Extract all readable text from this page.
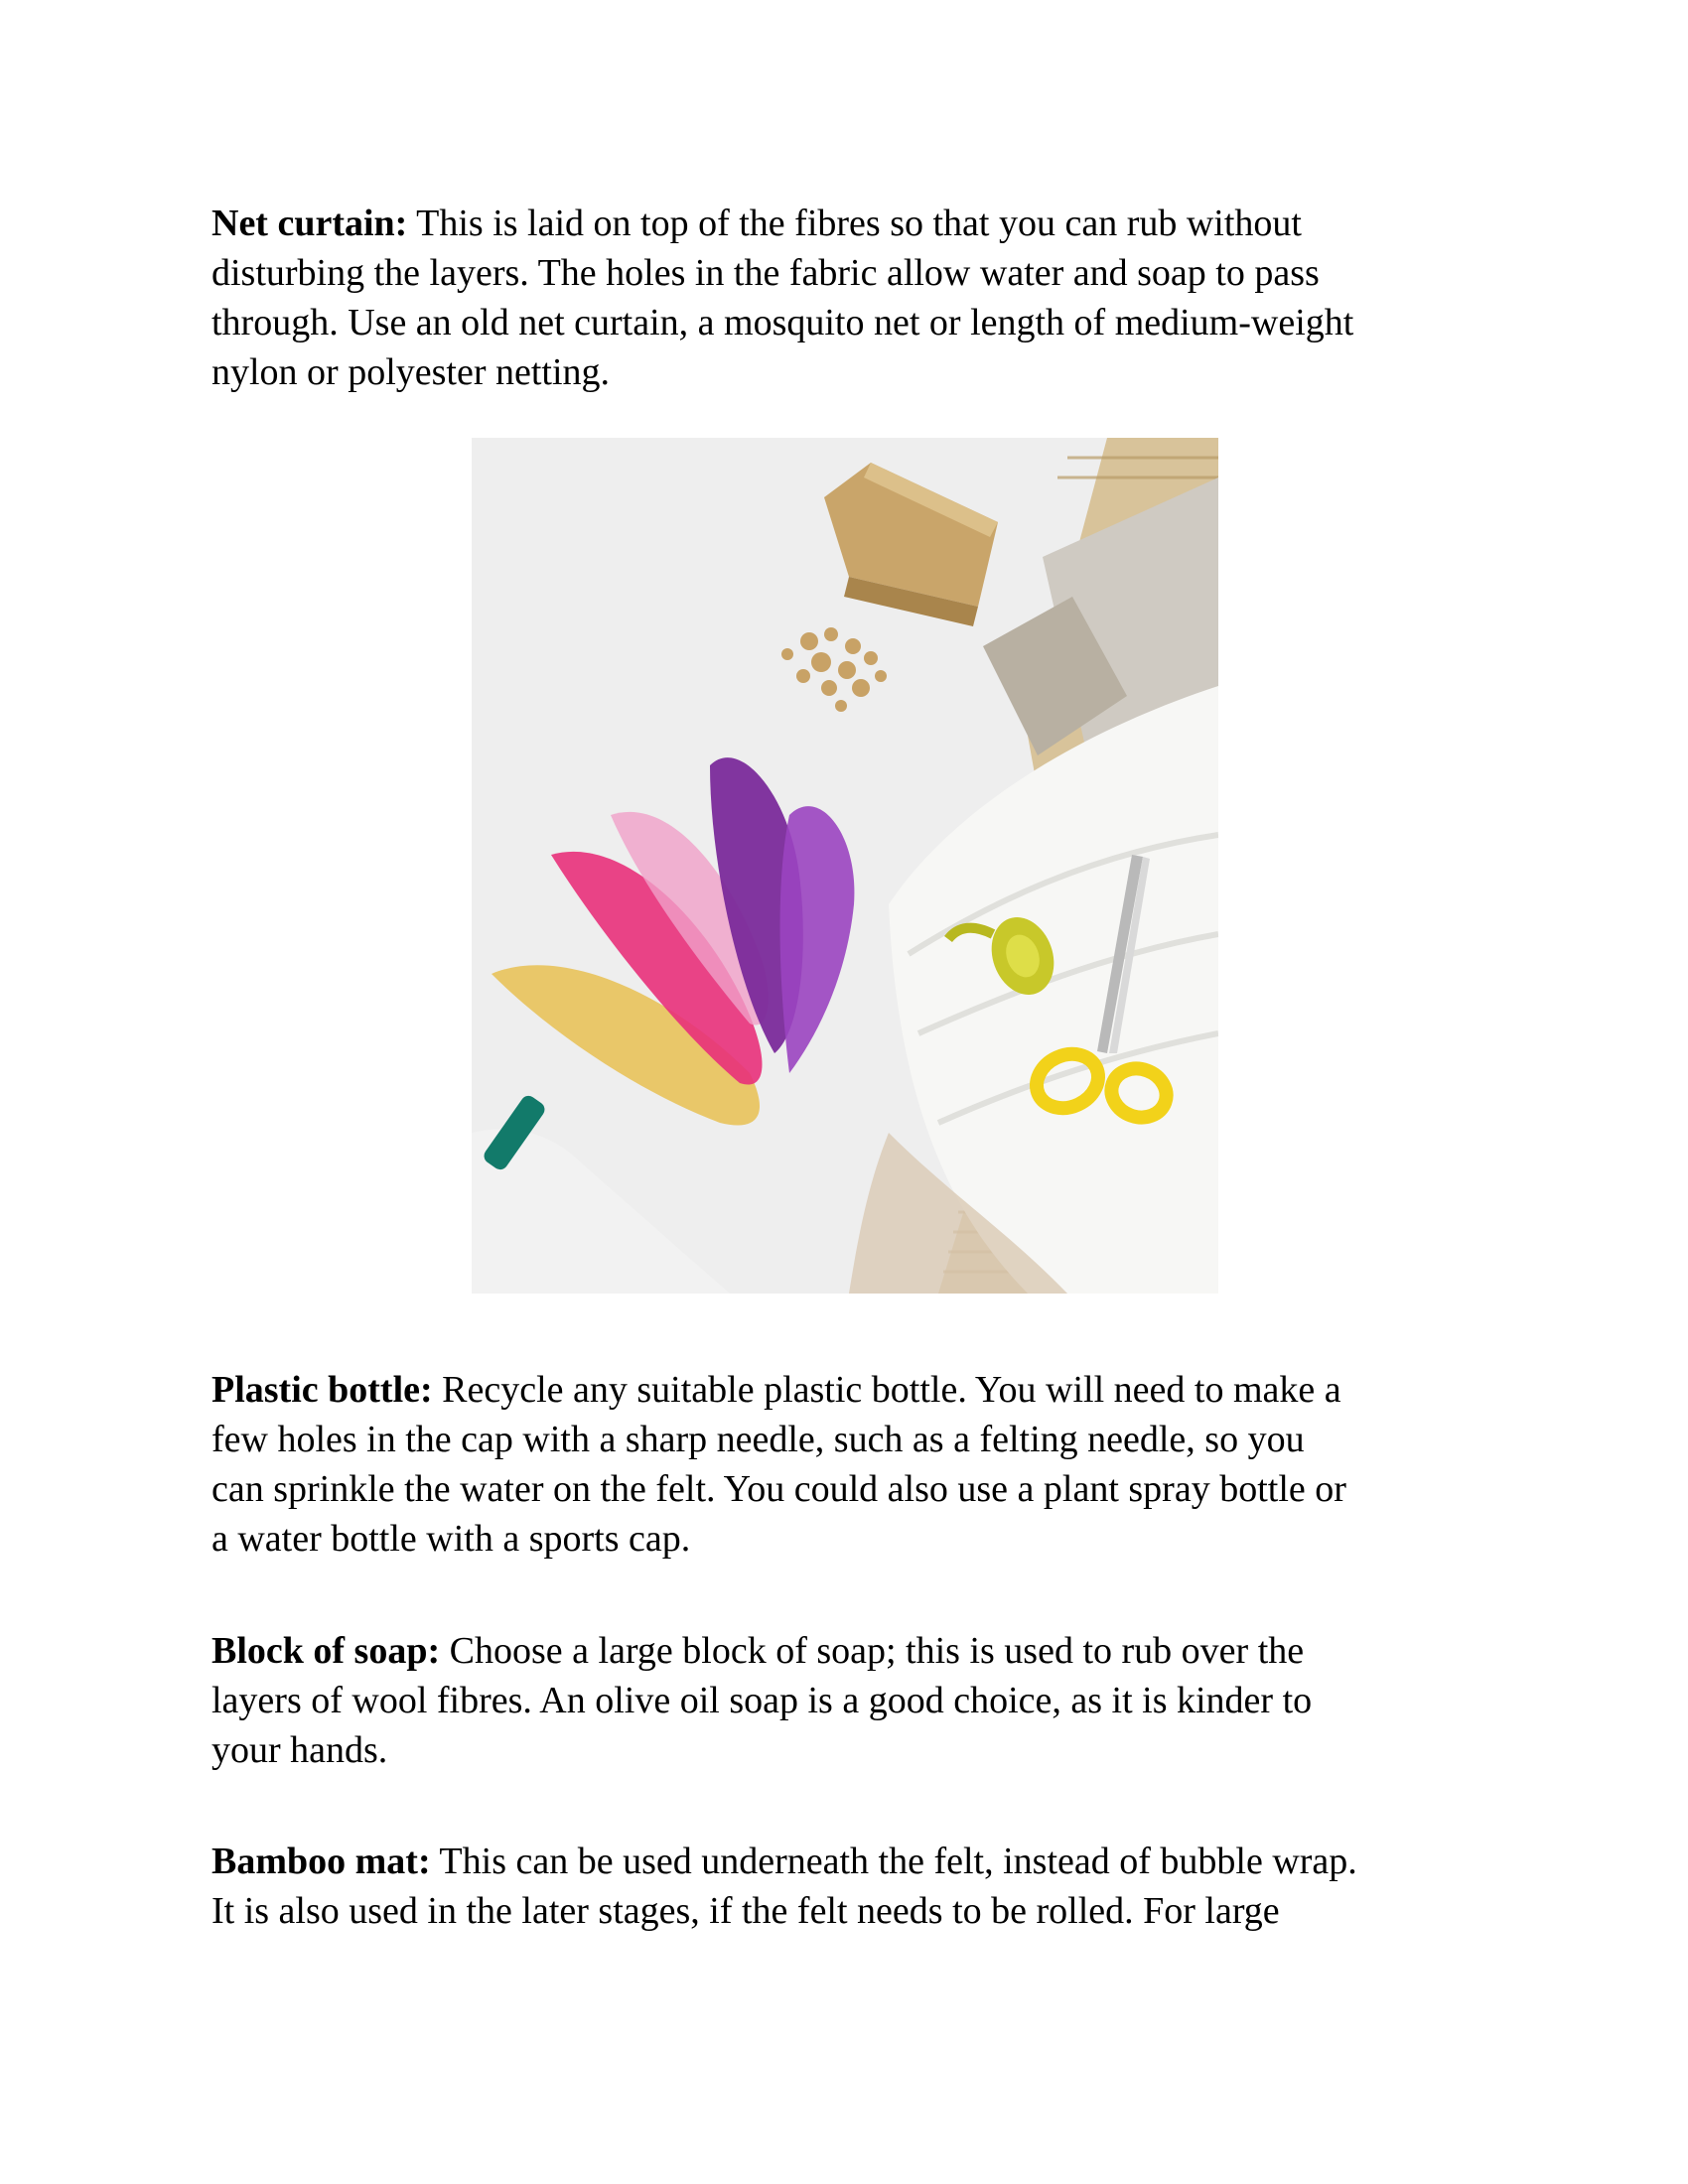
Net curtain: This is laid on top of the fibres so that you can rub without
disturbing the layers. The holes in the fabric allow water and soap to pass
through. Use an old net curtain, a mosquito net or length of medium-weight
nylon or polyester netting.

Plastic bottle: Recycle any suitable plastic bottle. You will need to make a
few holes in the cap with a sharp needle, such as a felting needle, so you
can sprinkle the water on the felt. You could also use a plant spray bottle or
a water bottle with a sports cap.

Block of soap: Choose a large block of soap; this is used to rub over the
layers of wool fibres. An olive oil soap is a good choice, as it is kinder to
your hands.

Bamboo mat: This can be used underneath the felt, instead of bubble wrap.
It is also used in the later stages, if the felt needs to be rolled. For large
